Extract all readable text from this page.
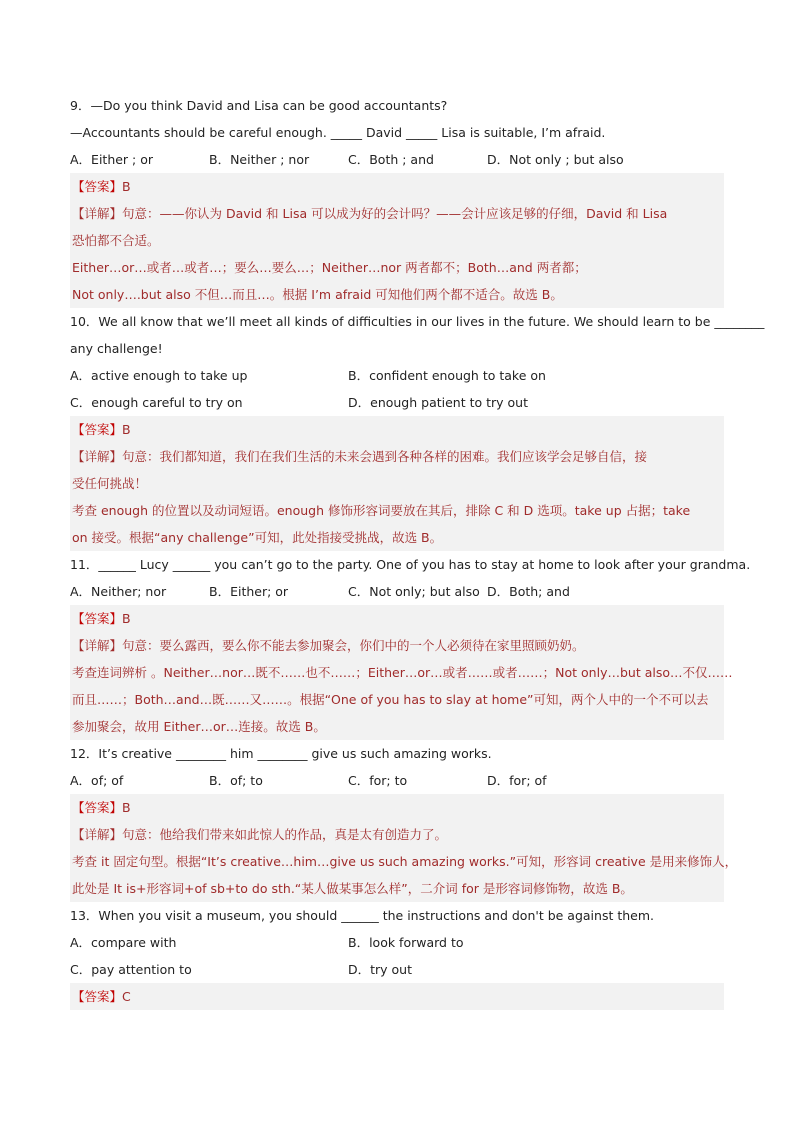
9．—Do you think David and Lisa can be good accountants?
—Accountants should be careful enough. _____ David _____ Lisa is suitable, I’m afraid.
A．Either ; or	B．Neither ; nor	C．Both ; and	D．Not only ; but also
【答案】B
【详解】句意：——你认为 David 和 Lisa 可以成为好的会计吗？——会计应该足够的仔细，David 和 Lisa
恐怕都不合适。
Either…or…或者…或者…；要么…要么…；Neither…nor 两者都不；Both…and 两者都；
Not only….but also 不但…而且…。根据 I’m afraid 可知他们两个都不适合。故选 B。
10．We all know that we’ll meet all kinds of difficulties in our lives in the future. We should learn to be ________
any challenge!
A．active enough to take up	B．confident enough to take on
C．enough careful to try on	D．enough patient to try out
【答案】B
【详解】句意：我们都知道，我们在我们生活的未来会遇到各种各样的困难。我们应该学会足够自信，接
受任何挑战！
考查 enough 的位置以及动词短语。enough 修饰形容词要放在其后，排除 C 和 D 选项。take up 占据；take
on 接受。根据“any challenge”可知，此处指接受挑战，故选 B。
11．______ Lucy ______ you can’t go to the party. One of you has to stay at home to look after your grandma.
A．Neither; nor	B．Either; or	C．Not only; but also D．Both; and
【答案】B
【详解】句意：要么露西，要么你不能去参加聚会，你们中的一个人必须待在家里照顾奶奶。
考查连词辨析 。Neither…nor…既不……也不……；Either…or…或者……或者……；Not only…but also…不仅……
而且……；Both…and…既……又……。根据“One of you has to slay at home”可知，两个人中的一个不可以去
参加聚会，故用 Either…or…连接。故选 B。
12．It’s creative ________ him ________ give us such amazing works.
A．of; of	B．of; to	C．for; to	D．for; of
【答案】B
【详解】句意：他给我们带来如此惊人的作品，真是太有创造力了。
考查 it 固定句型。根据“It’s creative…him…give us such amazing works.”可知，形容词 creative 是用来修饰人，
此处是 It is+形容词+of sb+to do sth.“某人做某事怎么样”，二介词 for 是形容词修饰物，故选 B。
13．When you visit a museum, you should ______ the instructions and don't be against them.
A．compare with	B．look forward to
C．pay attention to	D．try out
【答案】C
